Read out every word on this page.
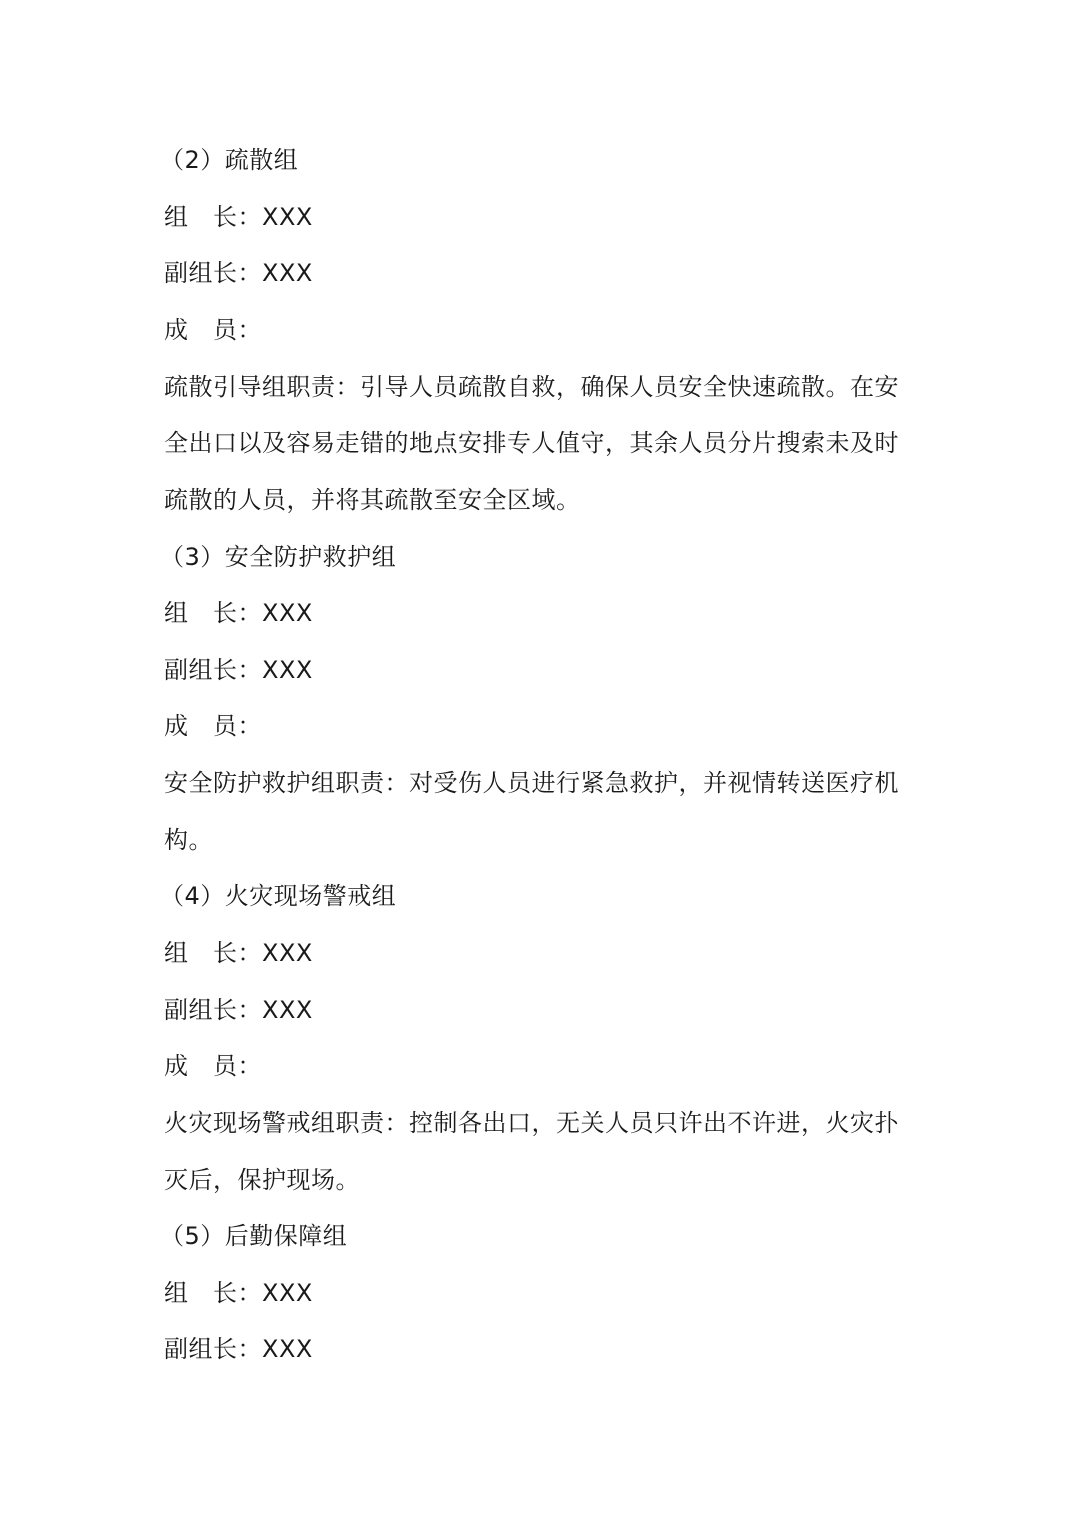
（2）疏散组
组　长：XXX
副组长：XXX
成　员：
疏散引导组职责：引导人员疏散自救，确保人员安全快速疏散。在安
全出口以及容易走错的地点安排专人值守，其余人员分片搜索未及时
疏散的人员，并将其疏散至安全区域。
（3）安全防护救护组
组　长：XXX
副组长：XXX
成　员：
安全防护救护组职责：对受伤人员进行紧急救护，并视情转送医疗机
构。
（4）火灾现场警戒组
组　长：XXX
副组长：XXX
成　员：
火灾现场警戒组职责：控制各出口，无关人员只许出不许进，火灾扑
灭后，保护现场。
（5）后勤保障组
组　长：XXX
副组长：XXX
